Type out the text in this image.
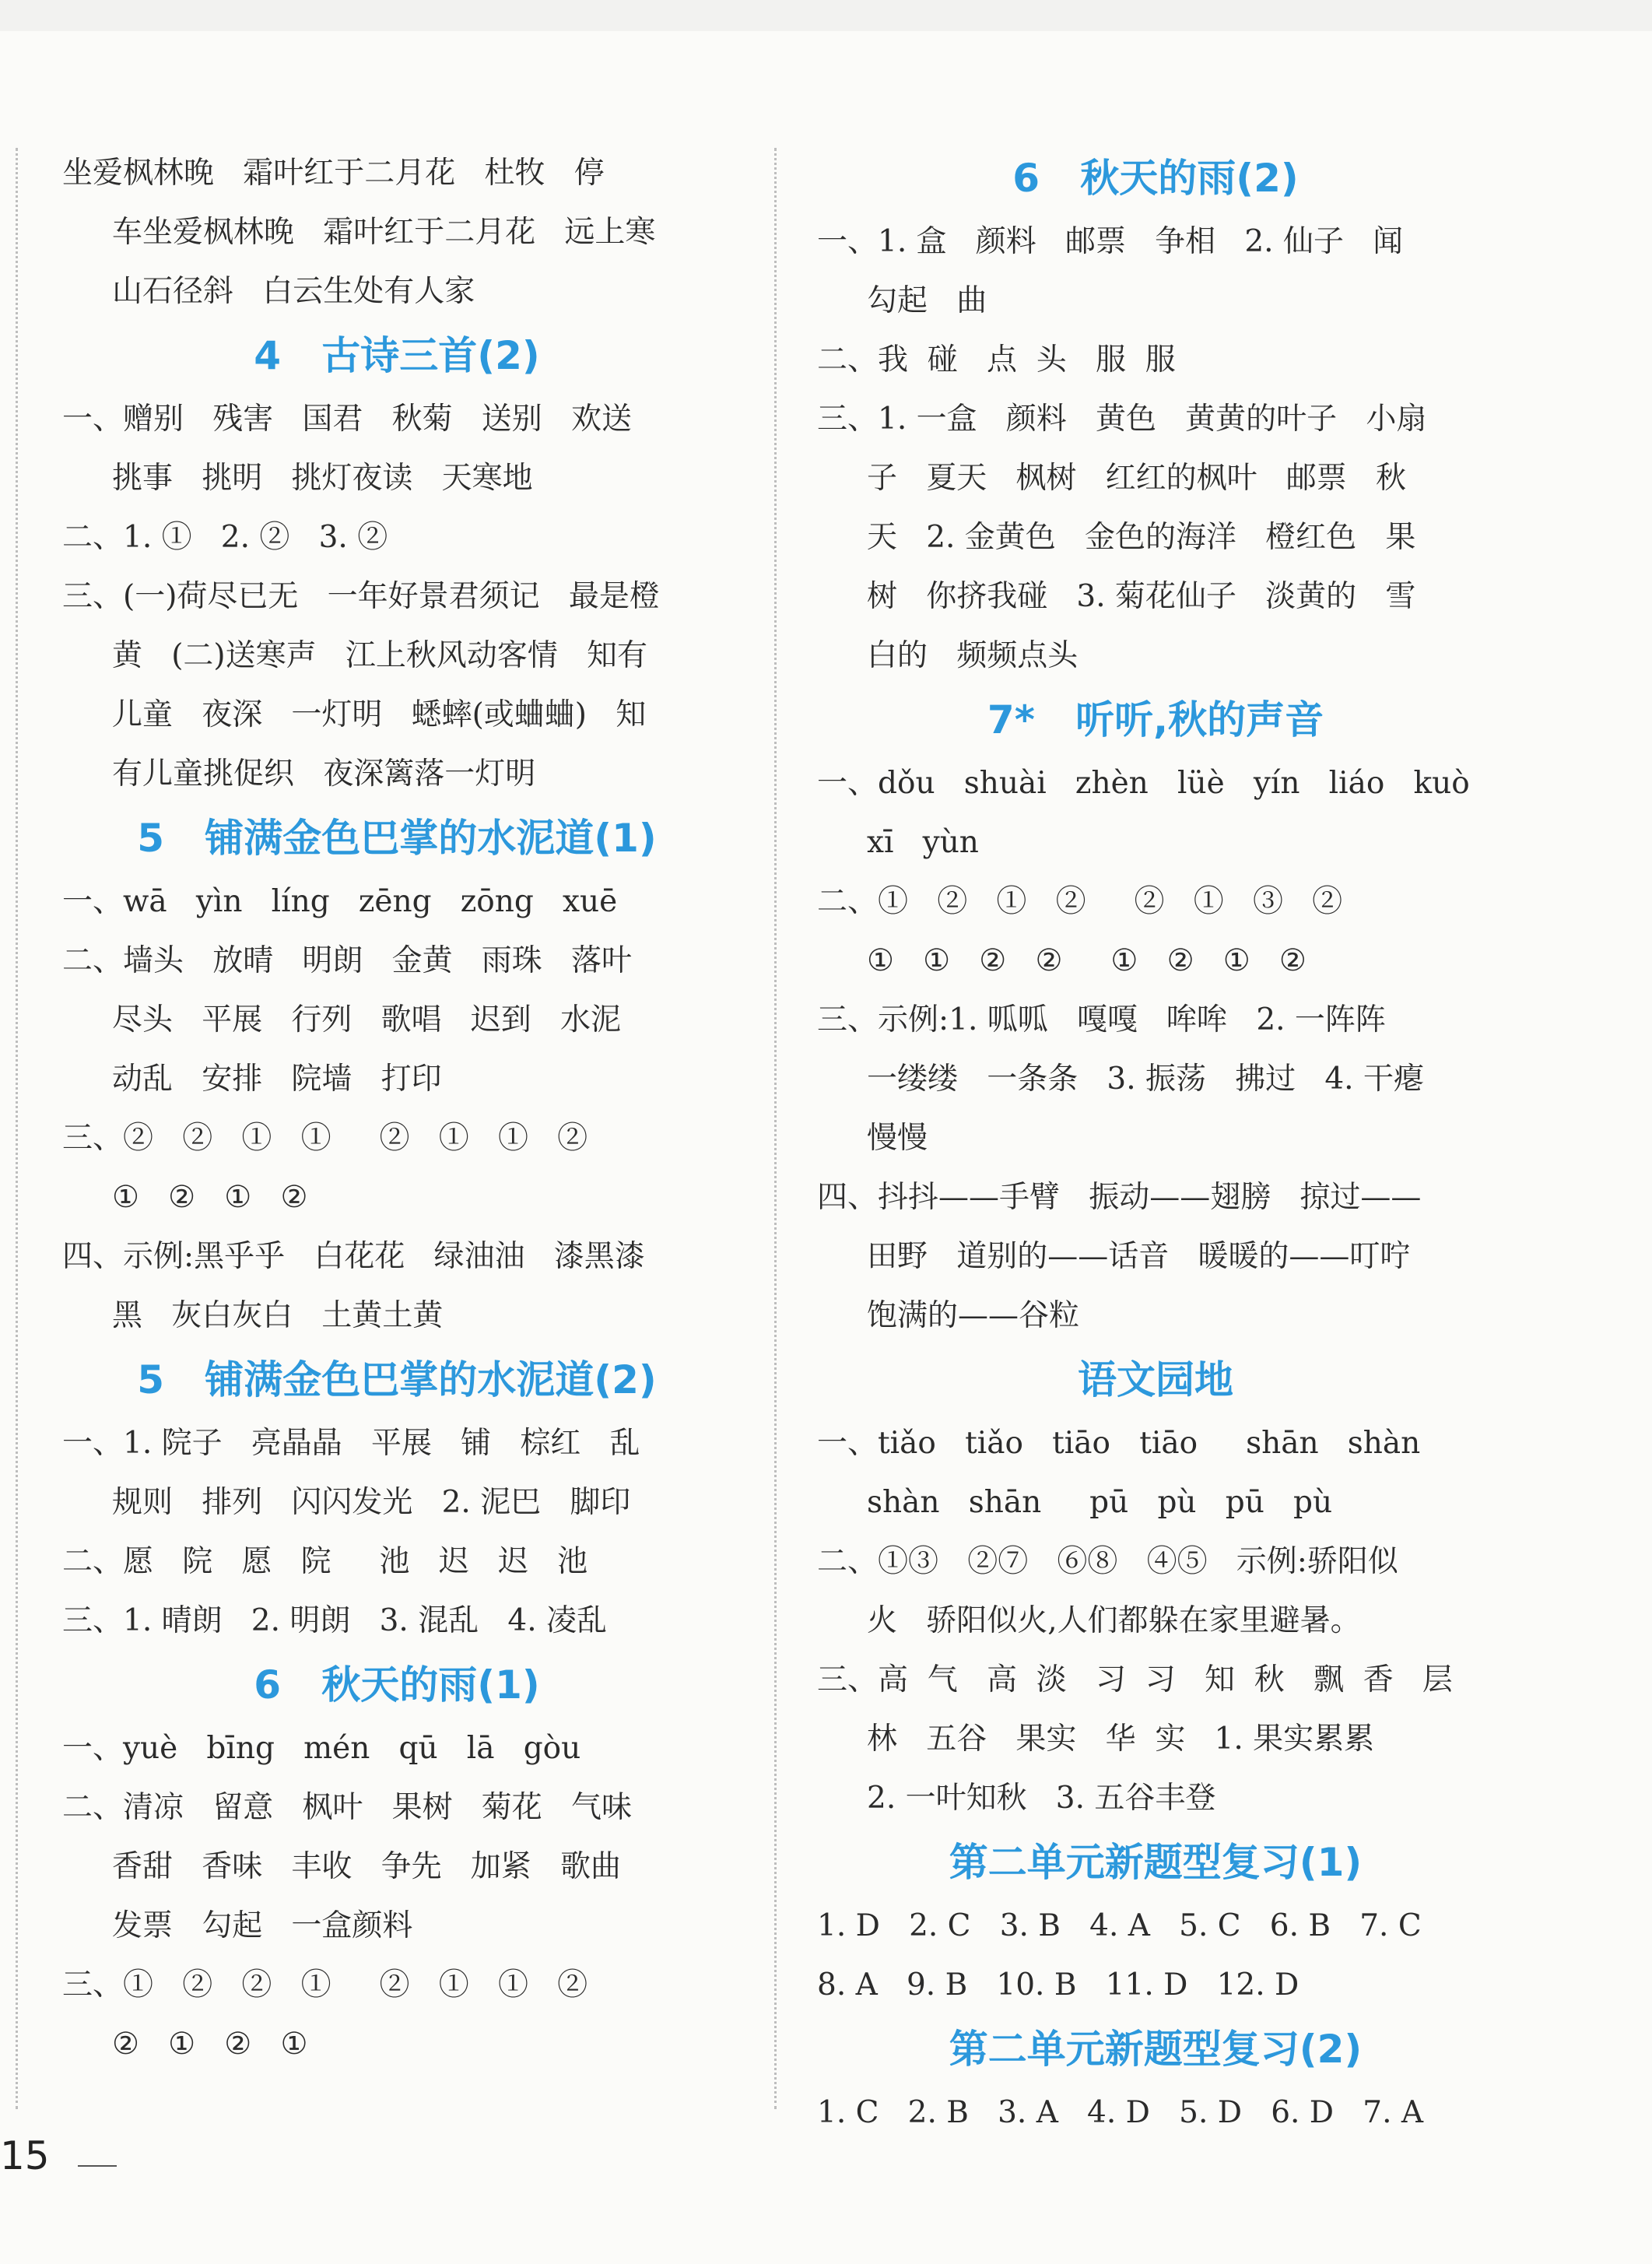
坐爱枫林晚   霜叶红于二月花   杜牧   停
车坐爱枫林晚   霜叶红于二月花   远上寒
山石径斜   白云生处有人家
4   古诗三首(2)
一、赠别   残害   国君   秋菊   送别   欢送
挑事   挑明   挑灯夜读   天寒地
二、1. ①   2. ②   3. ②
三、(一)荷尽已无   一年好景君须记   最是橙
黄   (二)送寒声   江上秋风动客情   知有
儿童   夜深   一灯明   蟋蟀(或蛐蛐)   知
有儿童挑促织   夜深篱落一灯明
5   铺满金色巴掌的水泥道(1)
一、wā   yìn   líng   zēng   zōng   xuē
二、墙头   放晴   明朗   金黄   雨珠   落叶
尽头   平展   行列   歌唱   迟到   水泥
动乱   安排   院墙   打印
三、②   ②   ①   ①     ②   ①   ①   ②
①   ②   ①   ②
四、示例:黑乎乎   白花花   绿油油   漆黑漆
黑   灰白灰白   土黄土黄
5   铺满金色巴掌的水泥道(2)
一、1. 院子   亮晶晶   平展   铺   棕红   乱
规则   排列   闪闪发光   2. 泥巴   脚印
二、愿   院   愿   院     池   迟   迟   池
三、1. 晴朗   2. 明朗   3. 混乱   4. 凌乱
6   秋天的雨(1)
一、yuè   bīng   mén   qū   lā   gòu
二、清凉   留意   枫叶   果树   菊花   气味
香甜   香味   丰收   争先   加紧   歌曲
发票   勾起   一盒颜料
三、①   ②   ②   ①     ②   ①   ①   ②
②   ①   ②   ①
6   秋天的雨(2)
一、1. 盒   颜料   邮票   争相   2. 仙子   闻
勾起   曲
二、我  碰   点  头   服  服
三、1. 一盒   颜料   黄色   黄黄的叶子   小扇
子   夏天   枫树   红红的枫叶   邮票   秋
天   2. 金黄色   金色的海洋   橙红色   果
树   你挤我碰   3. 菊花仙子   淡黄的   雪
白的   频频点头
7*   听听,秋的声音
一、dǒu   shuài   zhèn   lüè   yín   liáo   kuò
xī   yùn
二、①   ②   ①   ②     ②   ①   ③   ②
①   ①   ②   ②     ①   ②   ①   ②
三、示例:1. 呱呱   嘎嘎   哞哞   2. 一阵阵
一缕缕   一条条   3. 振荡   拂过   4. 干瘪
慢慢
四、抖抖——手臂   振动——翅膀   掠过——
田野   道别的——话音   暖暖的——叮咛
饱满的——谷粒
语文园地
一、tiǎo   tiǎo   tiāo   tiāo     shān   shàn
shàn   shān     pū   pù   pū   pù
二、①③   ②⑦   ⑥⑧   ④⑤   示例:骄阳似
火   骄阳似火,人们都躲在家里避暑。
三、高  气   高  淡   习  习   知  秋   飘  香   层
林   五谷   果实   华  实   1. 果实累累
2. 一叶知秋   3. 五谷丰登
第二单元新题型复习(1)
1. D   2. C   3. B   4. A   5. C   6. B   7. C
8. A   9. B   10. B   11. D   12. D
第二单元新题型复习(2)
1. C   2. B   3. A   4. D   5. D   6. D   7. A
15
